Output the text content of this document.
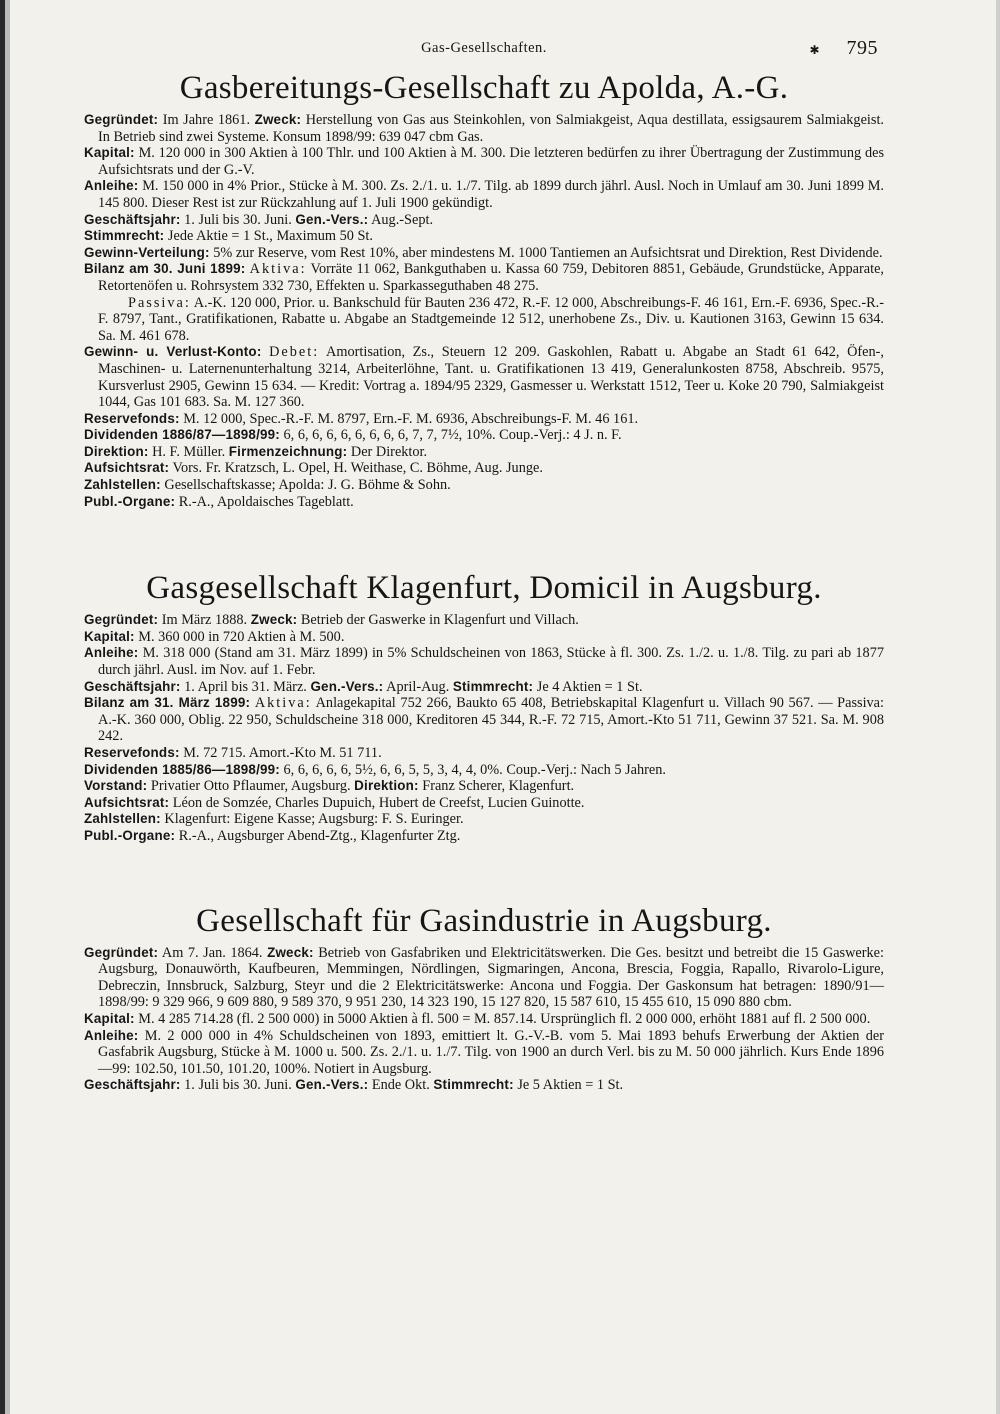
Gas-Gesellschaften.	✱ 795
Gasbereitungs-Gesellschaft zu Apolda, A.-G.

Gegründet: Im Jahre 1861. Zweck: Herstellung von Gas aus Steinkohlen, von Salmiakgeist, Aqua destillata, essigsaurem Salmiakgeist. In Betrieb sind zwei Systeme. Konsum 1898/99: 639 047 cbm Gas.

Kapital: M. 120 000 in 300 Aktien à 100 Thlr. und 100 Aktien à M. 300. Die letzteren bedürfen zu ihrer Übertragung der Zustimmung des Aufsichtsrats und der G.-V.

Anleihe: M. 150 000 in 4% Prior., Stücke à M. 300. Zs. 2./1. u. 1./7. Tilg. ab 1899 durch jährl. Ausl. Noch in Umlauf am 30. Juni 1899 M. 145 800. Dieser Rest ist zur Rückzahlung auf 1. Juli 1900 gekündigt.

Geschäftsjahr: 1. Juli bis 30. Juni. Gen.-Vers.: Aug.-Sept.

Stimmrecht: Jede Aktie = 1 St., Maximum 50 St.

Gewinn-Verteilung: 5% zur Reserve, vom Rest 10%, aber mindestens M. 1000 Tantiemen an Aufsichtsrat und Direktion, Rest Dividende.

Bilanz am 30. Juni 1899: Aktiva: Vorräte 11 062, Bankguthaben u. Kassa 60 759, Debitoren 8851, Gebäude, Grundstücke, Apparate, Retortenöfen u. Rohrsystem 332 730, Effekten u. Sparkasseguthaben 48 275.

Passiva: A.-K. 120 000, Prior. u. Bankschuld für Bauten 236 472, R.-F. 12 000, Abschreibungs-F. 46 161, Ern.-F. 6936, Spec.-R.-F. 8797, Tant., Gratifikationen, Rabatte u. Abgabe an Stadtgemeinde 12 512, unerhobene Zs., Div. u. Kautionen 3163, Gewinn 15 634. Sa. M. 461 678.

Gewinn- u. Verlust-Konto: Debet: Amortisation, Zs., Steuern 12 209. Gaskohlen, Rabatt u. Abgabe an Stadt 61 642, Öfen-, Maschinen- u. Laternenunterhaltung 3214, Arbeiterlöhne, Tant. u. Gratifikationen 13 419, Generalunkosten 8758, Abschreib. 9575, Kursverlust 2905, Gewinn 15 634. — Kredit: Vortrag a. 1894/95 2329, Gasmesser u. Werkstatt 1512, Teer u. Koke 20 790, Salmiakgeist 1044, Gas 101 683. Sa. M. 127 360.

Reservefonds: M. 12 000, Spec.-R.-F. M. 8797, Ern.-F. M. 6936, Abschreibungs-F. M. 46 161.

Dividenden 1886/87—1898/99: 6, 6, 6, 6, 6, 6, 6, 6, 6, 7, 7, 7½, 10%. Coup.-Verj.: 4 J. n. F.

Direktion: H. F. Müller. Firmenzeichnung: Der Direktor.

Aufsichtsrat: Vors. Fr. Kratzsch, L. Opel, H. Weithase, C. Böhme, Aug. Junge.

Zahlstellen: Gesellschaftskasse; Apolda: J. G. Böhme & Sohn.

Publ.-Organe: R.-A., Apoldaisches Tageblatt.

Gasgesellschaft Klagenfurt, Domicil in Augsburg.

Gegründet: Im März 1888. Zweck: Betrieb der Gaswerke in Klagenfurt und Villach.

Kapital: M. 360 000 in 720 Aktien à M. 500.

Anleihe: M. 318 000 (Stand am 31. März 1899) in 5% Schuldscheinen von 1863, Stücke à fl. 300. Zs. 1./2. u. 1./8. Tilg. zu pari ab 1877 durch jährl. Ausl. im Nov. auf 1. Febr.

Geschäftsjahr: 1. April bis 31. März. Gen.-Vers.: April-Aug. Stimmrecht: Je 4 Aktien = 1 St.

Bilanz am 31. März 1899: Aktiva: Anlagekapital 752 266, Baukto 65 408, Betriebskapital Klagenfurt u. Villach 90 567. — Passiva: A.-K. 360 000, Oblig. 22 950, Schuldscheine 318 000, Kreditoren 45 344, R.-F. 72 715, Amort.-Kto 51 711, Gewinn 37 521. Sa. M. 908 242.

Reservefonds: M. 72 715. Amort.-Kto M. 51 711.

Dividenden 1885/86—1898/99: 6, 6, 6, 6, 6, 5½, 6, 6, 5, 5, 3, 4, 4, 0%. Coup.-Verj.: Nach 5 Jahren.

Vorstand: Privatier Otto Pflaumer, Augsburg. Direktion: Franz Scherer, Klagenfurt.

Aufsichtsrat: Léon de Somzée, Charles Dupuich, Hubert de Creefst, Lucien Guinotte.

Zahlstellen: Klagenfurt: Eigene Kasse; Augsburg: F. S. Euringer.

Publ.-Organe: R.-A., Augsburger Abend-Ztg., Klagenfurter Ztg.

Gesellschaft für Gasindustrie in Augsburg.

Gegründet: Am 7. Jan. 1864. Zweck: Betrieb von Gasfabriken und Elektricitätswerken. Die Ges. besitzt und betreibt die 15 Gaswerke: Augsburg, Donauwörth, Kaufbeuren, Memmingen, Nördlingen, Sigmaringen, Ancona, Brescia, Foggia, Rapallo, Rivarolo-Ligure, Debreczin, Innsbruck, Salzburg, Steyr und die 2 Elektricitätswerke: Ancona und Foggia. Der Gaskonsum hat betragen: 1890/91—1898/99: 9 329 966, 9 609 880, 9 589 370, 9 951 230, 14 323 190, 15 127 820, 15 587 610, 15 455 610, 15 090 880 cbm.

Kapital: M. 4 285 714.28 (fl. 2 500 000) in 5000 Aktien à fl. 500 = M. 857.14. Ursprünglich fl. 2 000 000, erhöht 1881 auf fl. 2 500 000.

Anleihe: M. 2 000 000 in 4% Schuldscheinen von 1893, emittiert lt. G.-V.-B. vom 5. Mai 1893 behufs Erwerbung der Aktien der Gasfabrik Augsburg, Stücke à M. 1000 u. 500. Zs. 2./1. u. 1./7. Tilg. von 1900 an durch Verl. bis zu M. 50 000 jährlich. Kurs Ende 1896—99: 102.50, 101.50, 101.20, 100%. Notiert in Augsburg.

Geschäftsjahr: 1. Juli bis 30. Juni. Gen.-Vers.: Ende Okt. Stimmrecht: Je 5 Aktien = 1 St.
